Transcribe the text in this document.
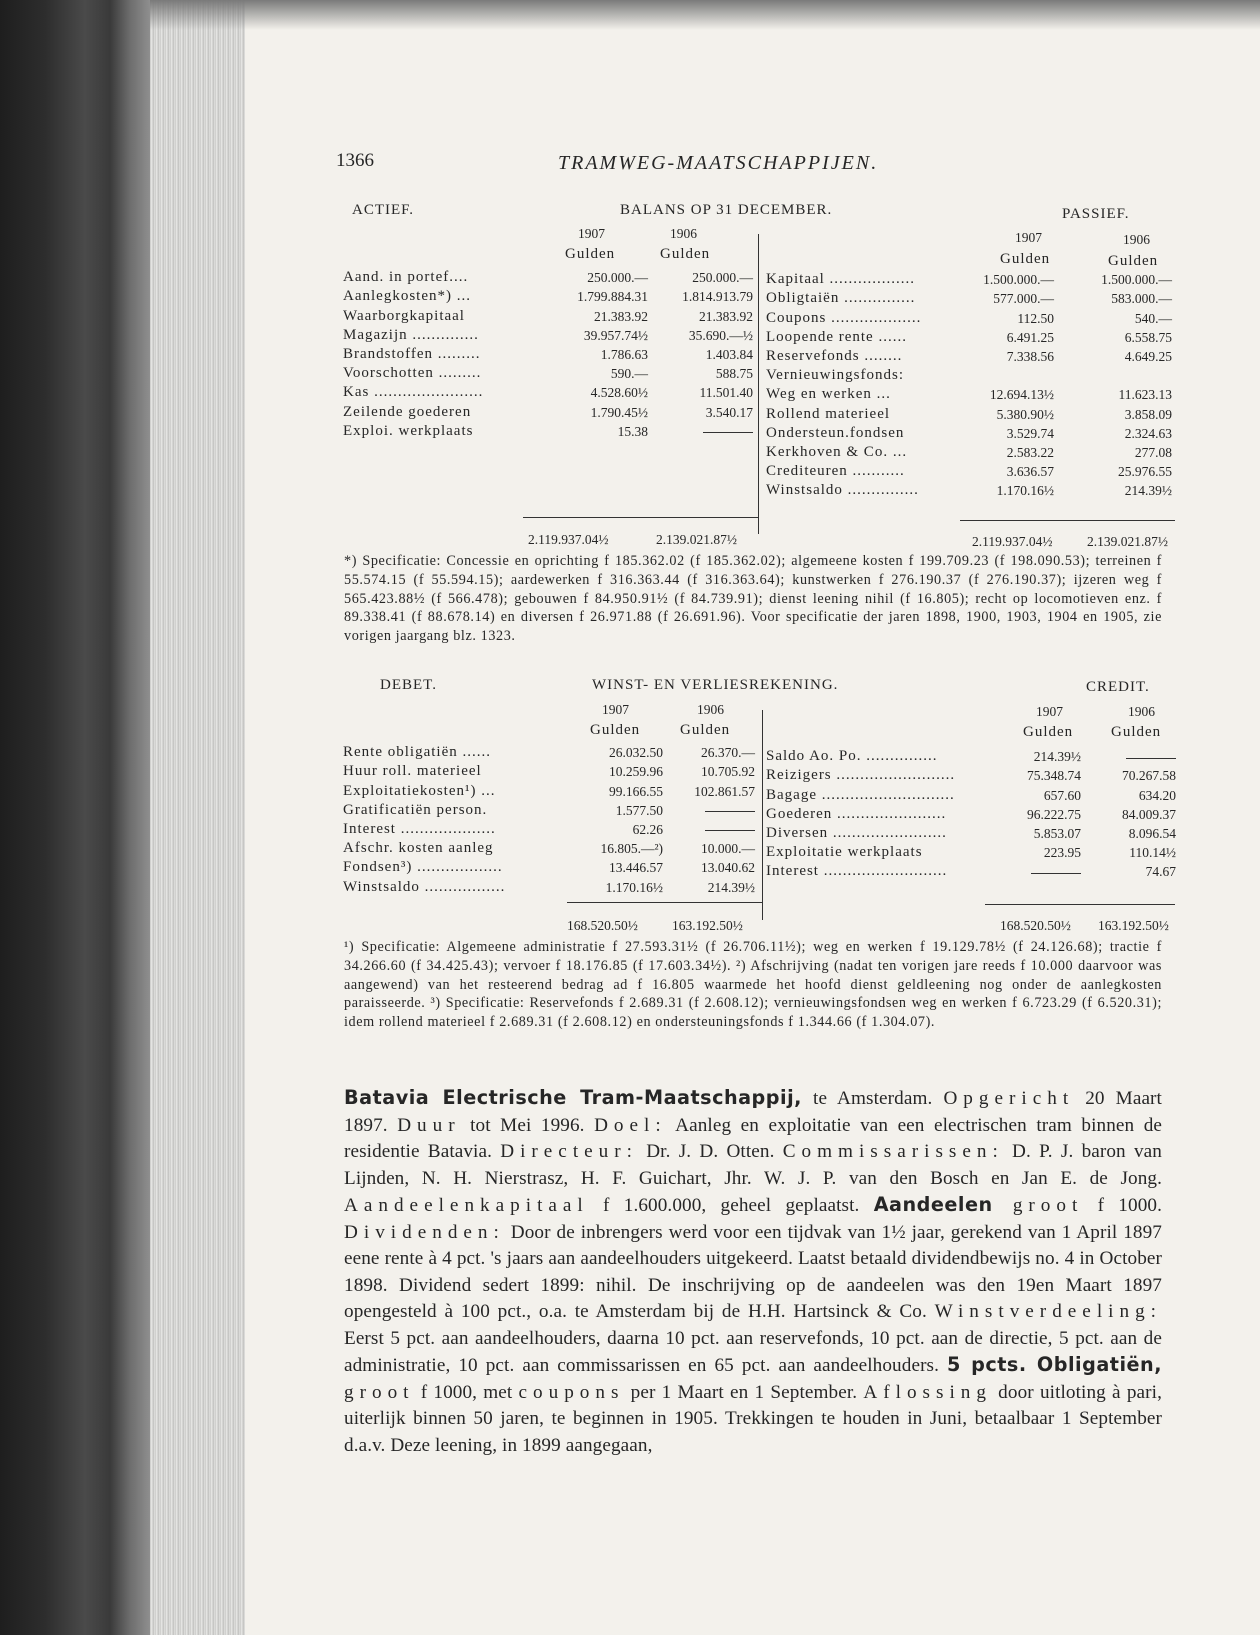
1366	TRAMWEG-MAATSCHAPPIJEN.
ACTIEF.	BALANS OP 31 DECEMBER.	PASSIEF.
1907	1906
Gulden	Gulden
1907	1906
Gulden	Gulden
Aand. in portef....	250.000.—	250.000.—
Aanlegkosten*) ...	1.799.884.31	1.814.913.79
Waarborgkapitaal	21.383.92	21.383.92
Magazijn ..............	39.957.74½	35.690.—½
Brandstoffen .........	1.786.63	1.403.84
Voorschotten .........	590.—	588.75
Kas .......................	4.528.60½	11.501.40
Zeilende goederen	1.790.45½	3.540.17
Exploi. werkplaats	15.38	
Kapitaal ..................	1.500.000.—	1.500.000.—
Obligtaiën ...............	577.000.—	583.000.—
Coupons ...................	112.50	540.—
Loopende rente ......	6.491.25	6.558.75
Reservefonds ........	7.338.56	4.649.25
Vernieuwingsfonds:		
Weg en werken ...	12.694.13½	11.623.13
Rollend materieel	5.380.90½	3.858.09
Ondersteun.fondsen	3.529.74	2.324.63
Kerkhoven & Co. ...	2.583.22	277.08
Crediteuren ...........	3.636.57	25.976.55
Winstsaldo ...............	1.170.16½	214.39½
2.119.937.04½	2.139.021.87½	2.119.937.04½	2.139.021.87½
*) Specificatie: Concessie en oprichting f 185.362.02 (f 185.362.02); algemeene kosten f 199.709.23 (f 198.090.53); terreinen f 55.574.15 (f 55.594.15); aardewerken f 316.363.44 (f 316.363.64); kunstwerken f 276.190.37 (f 276.190.37); ijzeren weg f 565.423.88½ (f 566.478); gebouwen f 84.950.91½ (f 84.739.91); dienst leening nihil (f 16.805); recht op locomotieven enz. f 89.338.41 (f 88.678.14) en diversen f 26.971.88 (f 26.691.96). Voor specificatie der jaren 1898, 1900, 1903, 1904 en 1905, zie vorigen jaargang blz. 1323.
DEBET.	WINST- EN VERLIESREKENING.	CREDIT.
1907	1906
Gulden	Gulden
1907	1906
Gulden	Gulden
Rente obligatiën ......	26.032.50	26.370.—
Huur roll. materieel	10.259.96	10.705.92
Exploitatiekosten¹) ...	99.166.55	102.861.57
Gratificatiën person.	1.577.50	
Interest ....................	62.26	
Afschr. kosten aanleg	16.805.—²)	10.000.—
Fondsen³) ..................	13.446.57	13.040.62
Winstsaldo .................	1.170.16½	214.39½
Saldo Ao. Po. ...............	214.39½	
Reizigers .........................	75.348.74	70.267.58
Bagage ............................	657.60	634.20
Goederen .......................	96.222.75	84.009.37
Diversen ........................	5.853.07	8.096.54
Exploitatie werkplaats	223.95	110.14½
Interest ..........................		74.67
168.520.50½	163.192.50½	168.520.50½ 163.192.50½
¹) Specificatie: Algemeene administratie f 27.593.31½ (f 26.706.11½); weg en werken f 19.129.78½ (f 24.126.68); tractie f 34.266.60 (f 34.425.43); vervoer f 18.176.85 (f 17.603.34½). ²) Afschrijving (nadat ten vorigen jare reeds f 10.000 daarvoor was aangewend) van het resteerend bedrag ad f 16.805 waarmede het hoofd dienst geldleening nog onder de aanlegkosten paraisseerde. ³) Specificatie: Reservefonds f 2.689.31 (f 2.608.12); vernieuwingsfondsen weg en werken f 6.723.29 (f 6.520.31); idem rollend materieel f 2.689.31 (f 2.608.12) en ondersteuningsfonds f 1.344.66 (f 1.304.07).
Batavia Electrische Tram-Maatschappij, te Amsterdam. Opgericht 20 Maart 1897. Duur tot Mei 1996. Doel: Aanleg en exploitatie van een electrischen tram binnen de residentie Batavia. Directeur: Dr. J. D. Otten. Commissarissen: D. P. J. baron van Lijnden, N. H. Nierstrasz, H. F. Guichart, Jhr. W. J. P. van den Bosch en Jan E. de Jong. Aandeelenkapitaal f 1.600.000, geheel geplaatst. Aandeelen groot f 1000. Dividenden: Door de inbrengers werd voor een tijdvak van 1½ jaar, gerekend van 1 April 1897 eene rente à 4 pct. 's jaars aan aandeelhouders uitgekeerd. Laatst betaald dividendbewijs no. 4 in October 1898. Dividend sedert 1899: nihil. De inschrijving op de aandeelen was den 19en Maart 1897 opengesteld à 100 pct., o.a. te Amsterdam bij de H.H. Hartsinck & Co. Winstverdeeling: Eerst 5 pct. aan aandeelhouders, daarna 10 pct. aan reservefonds, 10 pct. aan de directie, 5 pct. aan de administratie, 10 pct. aan commissarissen en 65 pct. aan aandeelhouders. 5 pcts. Obligatiën, groot f 1000, met coupons per 1 Maart en 1 September. Aflossing door uitloting à pari, uiterlijk binnen 50 jaren, te beginnen in 1905. Trekkingen te houden in Juni, betaalbaar 1 September d.a.v. Deze leening, in 1899 aangegaan,
